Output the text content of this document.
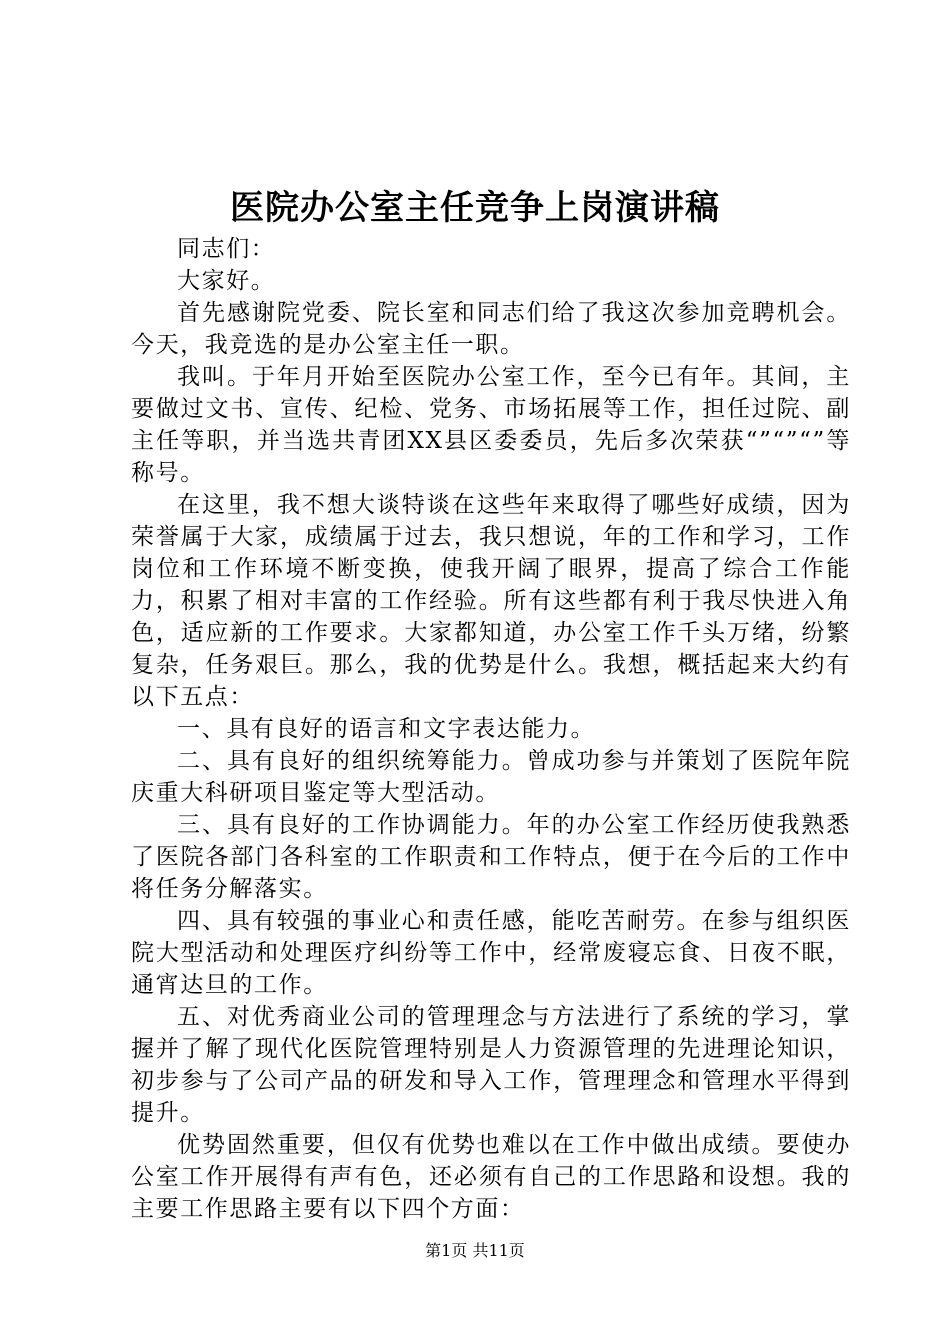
医院办公室主任竞争上岗演讲稿

同志们：

大家好。

首先感谢院党委、院长室和同志们给了我这次参加竞聘机会。今天，我竞选的是办公室主任一职。

我叫。于年月开始至医院办公室工作，至今已有年。其间，主要做过文书、宣传、纪检、党务、市场拓展等工作，担任过院、副主任等职，并当选共青团XX县区委委员，先后多次荣获“”“”“”等称号。

在这里，我不想大谈特谈在这些年来取得了哪些好成绩，因为荣誉属于大家，成绩属于过去，我只想说，年的工作和学习，工作岗位和工作环境不断变换，使我开阔了眼界，提高了综合工作能力，积累了相对丰富的工作经验。所有这些都有利于我尽快进入角色，适应新的工作要求。大家都知道，办公室工作千头万绪，纷繁复杂，任务艰巨。那么，我的优势是什么。我想，概括起来大约有以下五点：

一、具有良好的语言和文字表达能力。

二、具有良好的组织统筹能力。曾成功参与并策划了医院年院庆重大科研项目鉴定等大型活动。

三、具有良好的工作协调能力。年的办公室工作经历使我熟悉了医院各部门各科室的工作职责和工作特点，便于在今后的工作中将任务分解落实。

四、具有较强的事业心和责任感，能吃苦耐劳。在参与组织医院大型活动和处理医疗纠纷等工作中，经常废寝忘食、日夜不眠，通宵达旦的工作。

五、对优秀商业公司的管理理念与方法进行了系统的学习，掌握并了解了现代化医院管理特别是人力资源管理的先进理论知识，初步参与了公司产品的研发和导入工作，管理理念和管理水平得到提升。

优势固然重要，但仅有优势也难以在工作中做出成绩。要使办公室工作开展得有声有色，还必须有自己的工作思路和设想。我的主要工作思路主要有以下四个方面：

第1页 共11页
